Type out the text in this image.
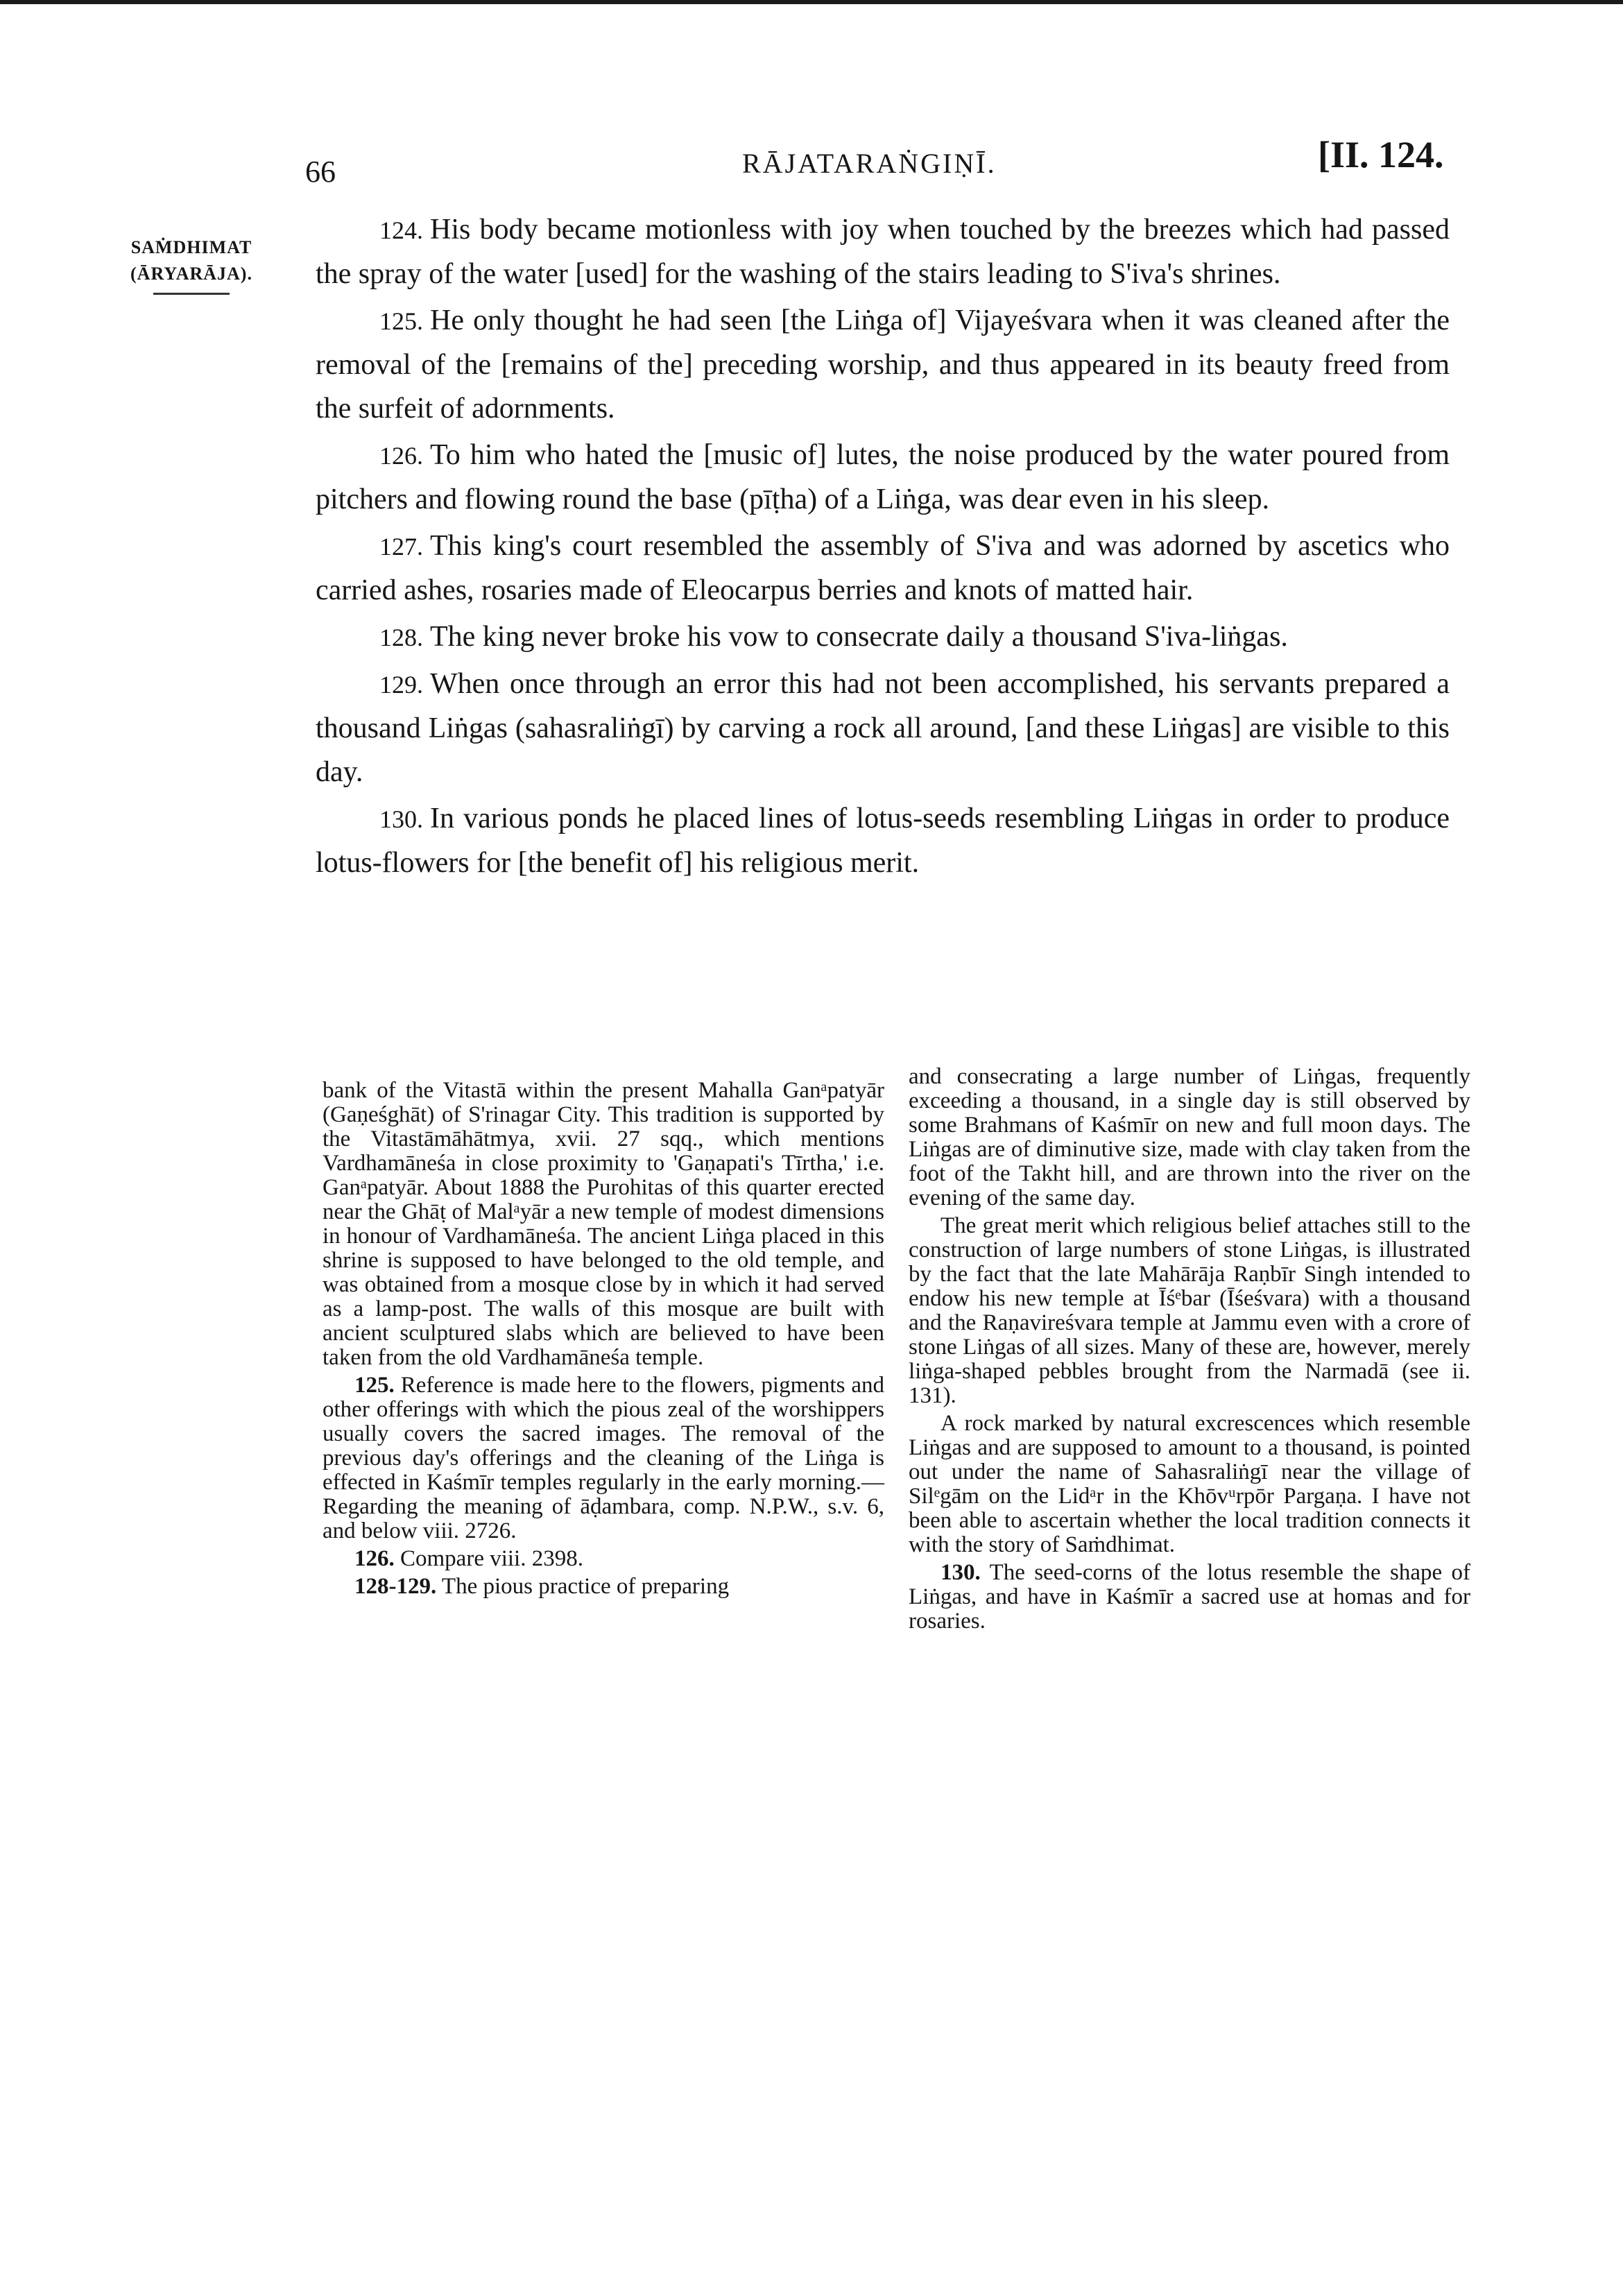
66	RĀJATARAṄGIṆĪ.	[II. 124.
SAṀDHIMAT
(ĀRYARĀJA).

124. His body became motionless with joy when touched by the breezes which had passed the spray of the water [used] for the washing of the stairs leading to S'iva's shrines.

125. He only thought he had seen [the Liṅga of] Vijayeśvara when it was cleaned after the removal of the [remains of the] preceding worship, and thus appeared in its beauty freed from the surfeit of adornments.

126. To him who hated the [music of] lutes, the noise produced by the water poured from pitchers and flowing round the base (pīṭha) of a Liṅga, was dear even in his sleep.

127. This king's court resembled the assembly of S'iva and was adorned by ascetics who carried ashes, rosaries made of Eleocarpus berries and knots of matted hair.

128. The king never broke his vow to consecrate daily a thousand S'iva-liṅgas.

129. When once through an error this had not been accomplished, his servants prepared a thousand Liṅgas (sahasraliṅgī) by carving a rock all around, [and these Liṅgas] are visible to this day.

130. In various ponds he placed lines of lotus-seeds resembling Liṅgas in order to produce lotus-flowers for [the benefit of] his religious merit.

bank of the Vitastā within the present Mahalla Ganᵃpatyār (Gaṇeśghāt) of S'rinagar City. This tradition is supported by the Vitastāmāhātmya, xvii. 27 sqq., which mentions Vardhamāneśa in close proximity to 'Gaṇapati's Tīrtha,' i.e. Ganᵃpatyār. About 1888 the Purohitas of this quarter erected near the Ghāṭ of Malᵃyār a new temple of modest dimensions in honour of Vardhamāneśa. The ancient Liṅga placed in this shrine is supposed to have belonged to the old temple, and was obtained from a mosque close by in which it had served as a lamp-post. The walls of this mosque are built with ancient sculptured slabs which are believed to have been taken from the old Vardhamāneśa temple.

125. Reference is made here to the flowers, pigments and other offerings with which the pious zeal of the worshippers usually covers the sacred images. The removal of the previous day's offerings and the cleaning of the Liṅga is effected in Kaśmīr temples regularly in the early morning.—Regarding the meaning of āḍambara, comp. N.P.W., s.v. 6, and below viii. 2726.

126. Compare viii. 2398.

128-129. The pious practice of preparing

and consecrating a large number of Liṅgas, frequently exceeding a thousand, in a single day is still observed by some Brahmans of Kaśmīr on new and full moon days. The Liṅgas are of diminutive size, made with clay taken from the foot of the Takht hill, and are thrown into the river on the evening of the same day.

The great merit which religious belief attaches still to the construction of large numbers of stone Liṅgas, is illustrated by the fact that the late Mahārāja Raṇbīr Singh intended to endow his new temple at Īśᵉbar (Īśeśvara) with a thousand and the Raṇavireśvara temple at Jammu even with a crore of stone Liṅgas of all sizes. Many of these are, however, merely liṅga-shaped pebbles brought from the Narmadā (see ii. 131).

A rock marked by natural excrescences which resemble Liṅgas and are supposed to amount to a thousand, is pointed out under the name of Sahasraliṅgī near the village of Silᵉgām on the Lidᵃr in the Khōvᵘrpōr Pargaṇa. I have not been able to ascertain whether the local tradition connects it with the story of Saṁdhimat.

130. The seed-corns of the lotus resemble the shape of Liṅgas, and have in Kaśmīr a sacred use at homas and for rosaries.
